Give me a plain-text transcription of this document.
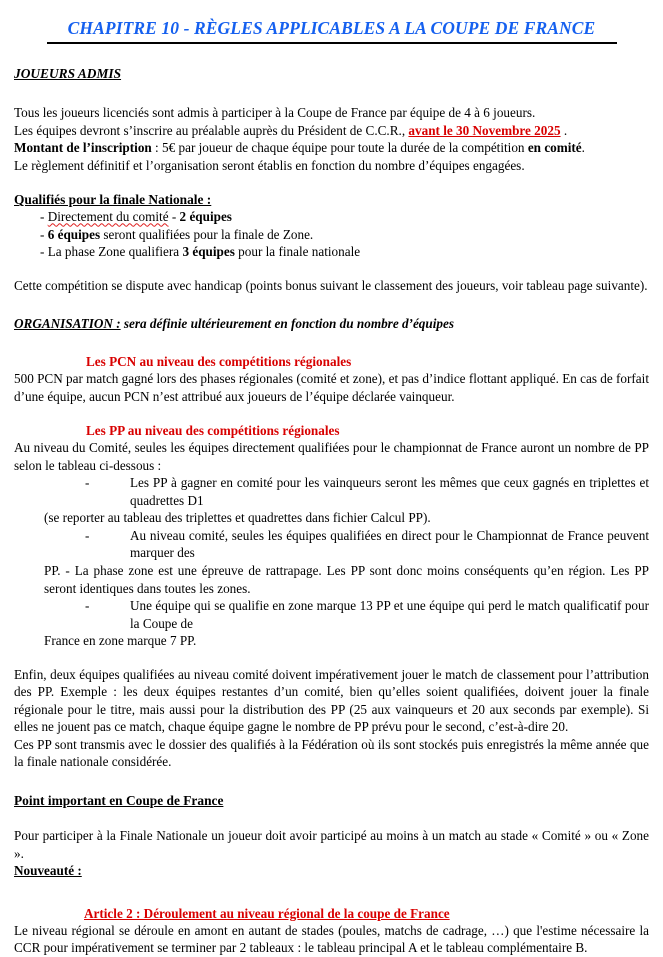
CHAPITRE 10 - RÈGLES APPLICABLES A LA COUPE DE FRANCE
JOUEURS ADMIS
Tous les joueurs licenciés sont admis à participer à la Coupe de France par équipe de 4 à 6 joueurs.
Les équipes devront s’inscrire au préalable auprès du Président de C.C.R., avant le 30 Novembre 2025 .
Montant de l’inscription : 5€ par joueur de chaque équipe pour toute la durée de la compétition en comité.
Le règlement définitif et l’organisation seront établis en fonction du nombre d’équipes engagées.
Qualifiés pour la finale Nationale :
- Directement du comité - 2 équipes
- 6 équipes seront qualifiées pour la finale de Zone.
- La phase Zone qualifiera 3 équipes pour la finale nationale
Cette compétition se dispute avec handicap (points bonus suivant le classement des joueurs, voir tableau page suivante).
ORGANISATION : sera définie ultérieurement en fonction du nombre d’équipes
Les PCN au niveau des compétitions régionales
500 PCN par match gagné lors des phases régionales (comité et zone), et pas d’indice flottant appliqué. En cas de forfait d’une équipe, aucun PCN n’est attribué aux joueurs de l’équipe déclarée vainqueur.
Les PP au niveau des compétitions régionales
Au niveau du Comité, seules les équipes directement qualifiées pour le championnat de France auront un nombre de PP selon le tableau ci-dessous :
-	Les PP à gagner en comité pour les vainqueurs seront les mêmes que ceux gagnés en triplettes et quadrettes D1
(se reporter au tableau des triplettes et quadrettes dans fichier Calcul PP).
-	Au niveau comité, seules les équipes qualifiées en direct pour le Championnat de France peuvent marquer des
PP. - La phase zone est une épreuve de rattrapage. Les PP sont donc moins conséquents qu’en région. Les PP seront identiques dans toutes les zones.
-	Une équipe qui se qualifie en zone marque 13 PP et une équipe qui perd le match qualificatif pour la Coupe de
France en zone marque 7 PP.
Enfin, deux équipes qualifiées au niveau comité doivent impérativement jouer le match de classement pour l’attribution des PP. Exemple : les deux équipes restantes d’un comité, bien qu’elles soient qualifiées, doivent jouer la finale régionale pour le titre, mais aussi pour la distribution des PP (25 aux vainqueurs et 20 aux seconds par exemple). Si elles ne jouent pas ce match, chaque équipe gagne le nombre de PP prévu pour le second, c’est-à-dire 20.
Ces PP sont transmis avec le dossier des qualifiés à la Fédération où ils sont stockés puis enregistrés la même année que la finale nationale considérée.
Point important en Coupe de France
Pour participer à la Finale Nationale un joueur doit avoir participé au moins à un match au stade « Comité » ou « Zone ».
Nouveauté :
Article 2 : Déroulement au niveau régional de la coupe de France
Le niveau régional se déroule en amont en autant de stades (poules, matchs de cadrage, …) que l'estime nécessaire la CCR pour impérativement se terminer par 2 tableaux : le tableau principal A et le tableau complémentaire B.
